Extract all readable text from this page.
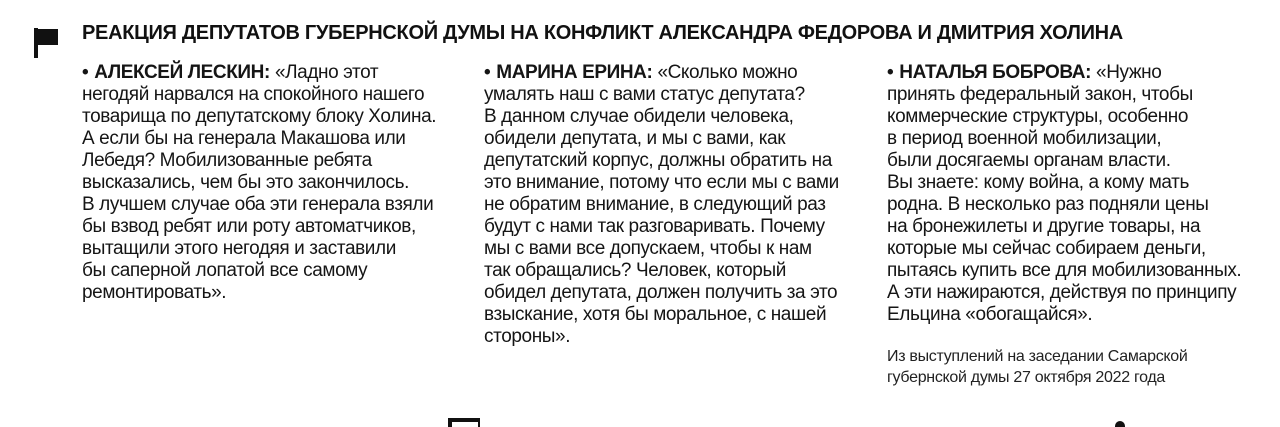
РЕАКЦИЯ ДЕПУТАТОВ ГУБЕРНСКОЙ ДУМЫ НА КОНФЛИКТ АЛЕКСАНДРА ФЕДОРОВА И ДМИТРИЯ ХОЛИНА
• АЛЕКСЕЙ ЛЕСКИН: «Ладно этот
негодяй нарвался на спокойного нашего
товарища по депутатскому блоку Холина.
А если бы на генерала Макашова или
Лебедя? Мобилизованные ребята
высказались, чем бы это закончилось.
В лучшем случае оба эти генерала взяли
бы взвод ребят или роту автоматчиков,
вытащили этого негодяя и заставили
бы саперной лопатой все самому
ремонтировать».
• МАРИНА ЕРИНА: «Сколько можно
умалять наш с вами статус депутата?
В данном случае обидели человека,
обидели депутата, и мы с вами, как
депутатский корпус, должны обратить на
это внимание, потому что если мы с вами
не обратим внимание, в следующий раз
будут с нами так разговаривать. Почему
мы с вами все допускаем, чтобы к нам
так обращались? Человек, который
обидел депутата, должен получить за это
взыскание, хотя бы моральное, с нашей
стороны».
• НАТАЛЬЯ БОБРОВА: «Нужно
принять федеральный закон, чтобы
коммерческие структуры, особенно
в период военной мобилизации,
были досягаемы органам власти.
Вы знаете: кому война, а кому мать
родна. В несколько раз подняли цены
на бронежилеты и другие товары, на
которые мы сейчас собираем деньги,
пытаясь купить все для мобилизованных.
А эти нажираются, действуя по принципу
Ельцина «обогащайся».
Из выступлений на заседании Самарской
губернской думы 27 октября 2022 года
